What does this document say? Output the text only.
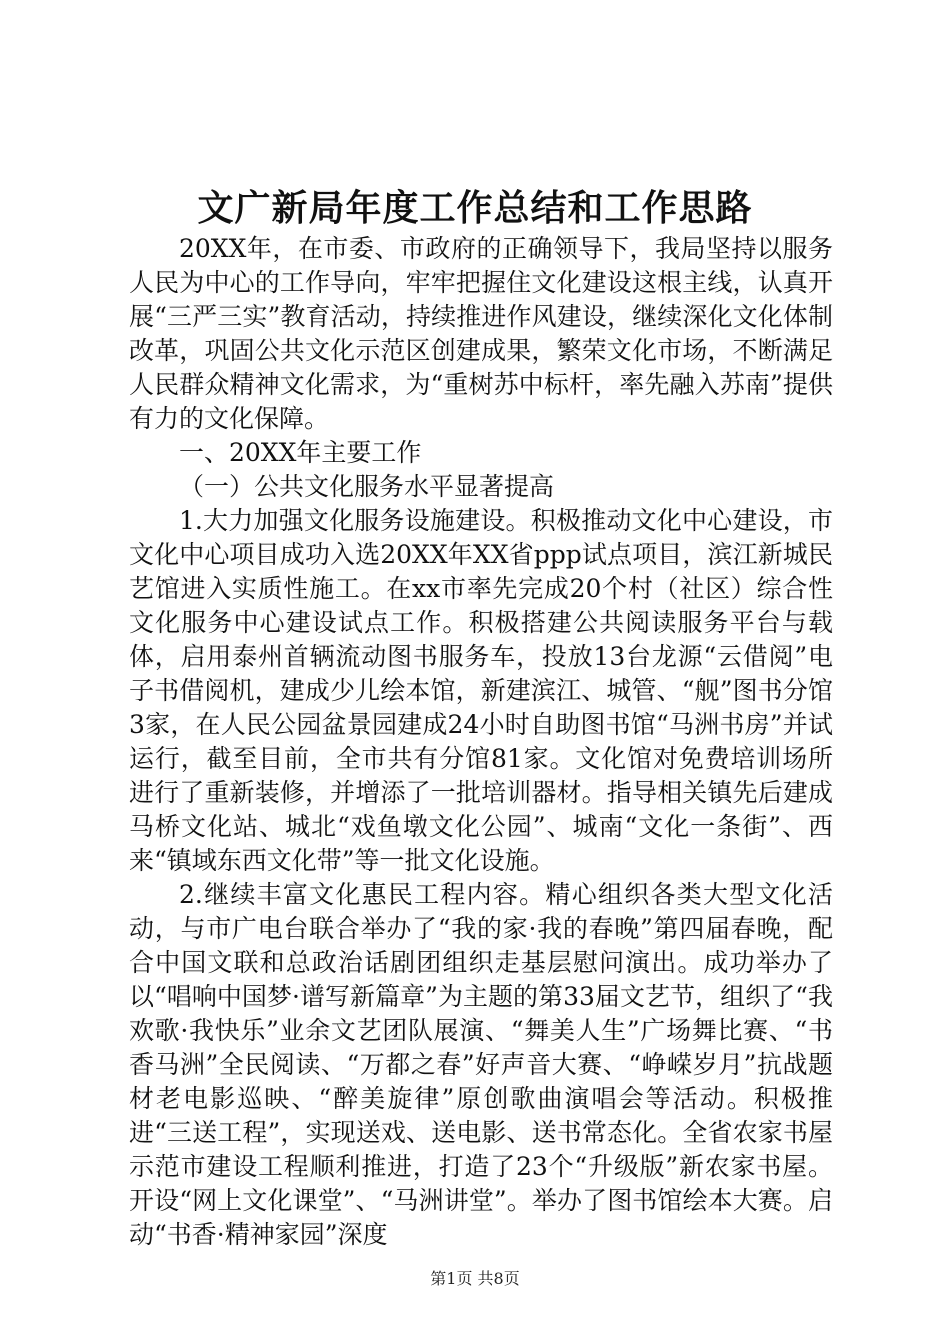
文广新局年度工作总结和工作思路

20XX年，在市委、市政府的正确领导下，我局坚持以服务人民为中心的工作导向，牢牢把握住文化建设这根主线，认真开展“三严三实”教育活动，持续推进作风建设，继续深化文化体制改革，巩固公共文化示范区创建成果，繁荣文化市场，不断满足人民群众精神文化需求，为“重树苏中标杆，率先融入苏南”提供有力的文化保障。

一、20XX年主要工作

（一）公共文化服务水平显著提高

1.大力加强文化服务设施建设。积极推动文化中心建设，市文化中心项目成功入选20XX年XX省ppp试点项目，滨江新城民艺馆进入实质性施工。在xx市率先完成20个村（社区）综合性文化服务中心建设试点工作。积极搭建公共阅读服务平台与载体，启用泰州首辆流动图书服务车，投放13台龙源“云借阅”电子书借阅机，建成少儿绘本馆，新建滨江、城管、“舰”图书分馆3家，在人民公园盆景园建成24小时自助图书馆“马洲书房”并试运行，截至目前，全市共有分馆81家。文化馆对免费培训场所进行了重新装修，并增添了一批培训器材。指导相关镇先后建成马桥文化站、城北“戏鱼墩文化公园”、城南“文化一条街”、西来“镇域东西文化带”等一批文化设施。

2.继续丰富文化惠民工程内容。精心组织各类大型文化活动，与市广电台联合举办了“我的家·我的春晚”第四届春晚，配合中国文联和总政治话剧团组织走基层慰问演出。成功举办了以“唱响中国梦·谱写新篇章”为主题的第33届文艺节，组织了“我欢歌·我快乐”业余文艺团队展演、“舞美人生”广场舞比赛、“书香马洲”全民阅读、“万都之春”好声音大赛、“峥嵘岁月”抗战题材老电影巡映、“醉美旋律”原创歌曲演唱会等活动。积极推进“三送工程”，实现送戏、送电影、送书常态化。全省农家书屋示范市建设工程顺利推进，打造了23个“升级版”新农家书屋。开设“网上文化课堂”、“马洲讲堂”。举办了图书馆绘本大赛。启动“书香·精神家园”深度

第1页 共8页
